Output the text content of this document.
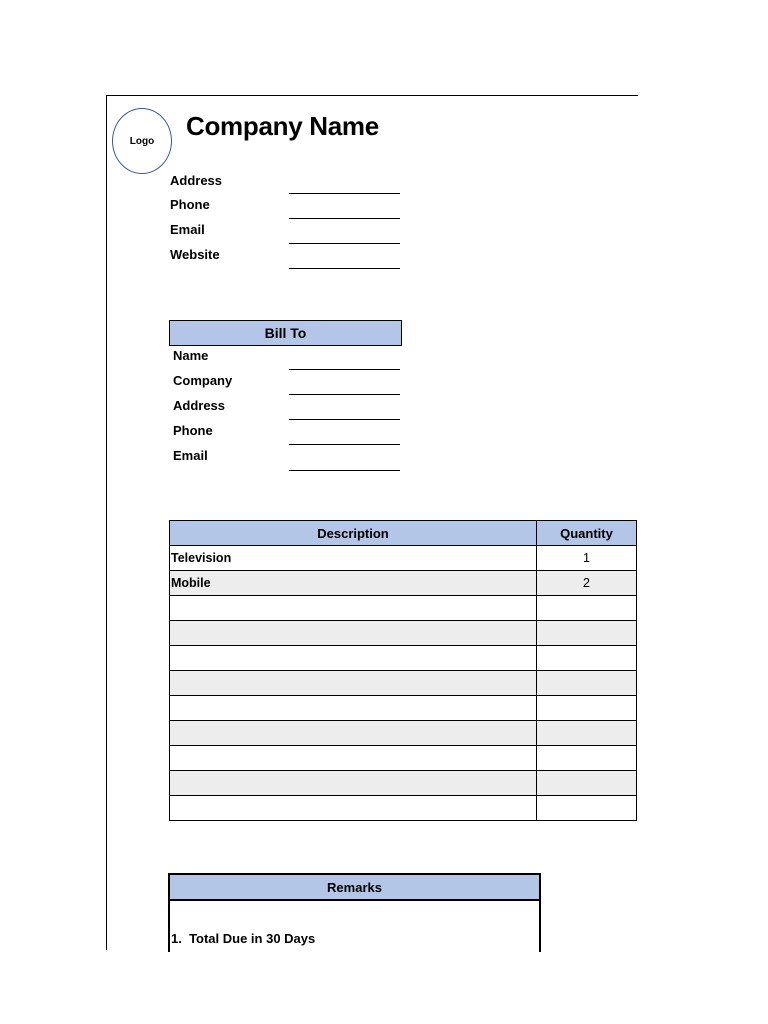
Logo Company Name
Address
Phone
Email
Website
Bill To
Name
Company
Address
Phone
Email
Description	Quantity
Television	1
Mobile	2

Remarks
1.  Total Due in 30 Days
